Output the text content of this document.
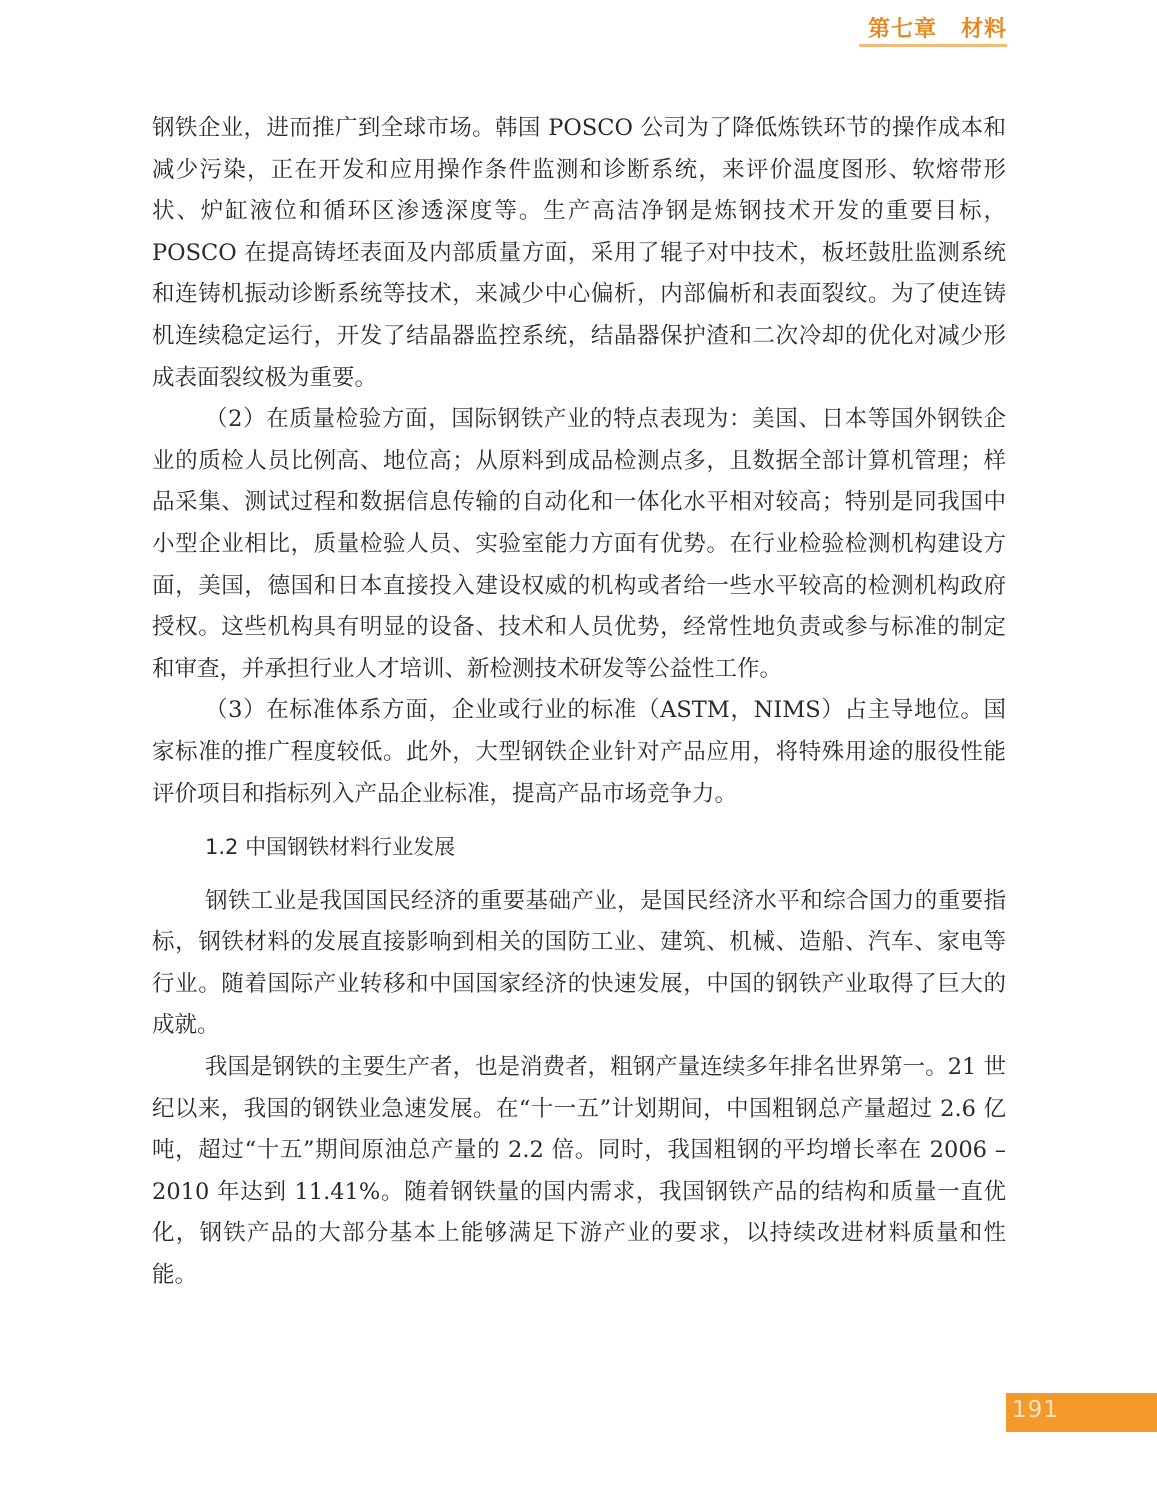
第七章 材料

钢铁企业，进而推广到全球市场。韩国 POSCO 公司为了降低炼铁环节的操作成本和减少污染，正在开发和应用操作条件监测和诊断系统，来评价温度图形、软熔带形状、炉缸液位和循环区渗透深度等。生产高洁净钢是炼钢技术开发的重要目标，POSCO 在提高铸坯表面及内部质量方面，采用了辊子对中技术，板坯鼓肚监测系统和连铸机振动诊断系统等技术，来减少中心偏析，内部偏析和表面裂纹。为了使连铸机连续稳定运行，开发了结晶器监控系统，结晶器保护渣和二次冷却的优化对减少形成表面裂纹极为重要。

（2）在质量检验方面，国际钢铁产业的特点表现为：美国、日本等国外钢铁企业的质检人员比例高、地位高；从原料到成品检测点多，且数据全部计算机管理；样品采集、测试过程和数据信息传输的自动化和一体化水平相对较高；特别是同我国中小型企业相比，质量检验人员、实验室能力方面有优势。在行业检验检测机构建设方面，美国，德国和日本直接投入建设权威的机构或者给一些水平较高的检测机构政府授权。这些机构具有明显的设备、技术和人员优势，经常性地负责或参与标准的制定和审查，并承担行业人才培训、新检测技术研发等公益性工作。

（3）在标准体系方面，企业或行业的标准（ASTM，NIMS）占主导地位。国家标准的推广程度较低。此外，大型钢铁企业针对产品应用，将特殊用途的服役性能评价项目和指标列入产品企业标准，提高产品市场竞争力。

1.2 中国钢铁材料行业发展

钢铁工业是我国国民经济的重要基础产业，是国民经济水平和综合国力的重要指标，钢铁材料的发展直接影响到相关的国防工业、建筑、机械、造船、汽车、家电等行业。随着国际产业转移和中国国家经济的快速发展，中国的钢铁产业取得了巨大的成就。

我国是钢铁的主要生产者，也是消费者，粗钢产量连续多年排名世界第一。21 世纪以来，我国的钢铁业急速发展。在“十一五”计划期间，中国粗钢总产量超过 2.6 亿吨，超过“十五”期间原油总产量的 2.2 倍。同时，我国粗钢的平均增长率在 2006 – 2010 年达到 11.41%。随着钢铁量的国内需求，我国钢铁产品的结构和质量一直优化，钢铁产品的大部分基本上能够满足下游产业的要求，以持续改进材料质量和性能。

191
